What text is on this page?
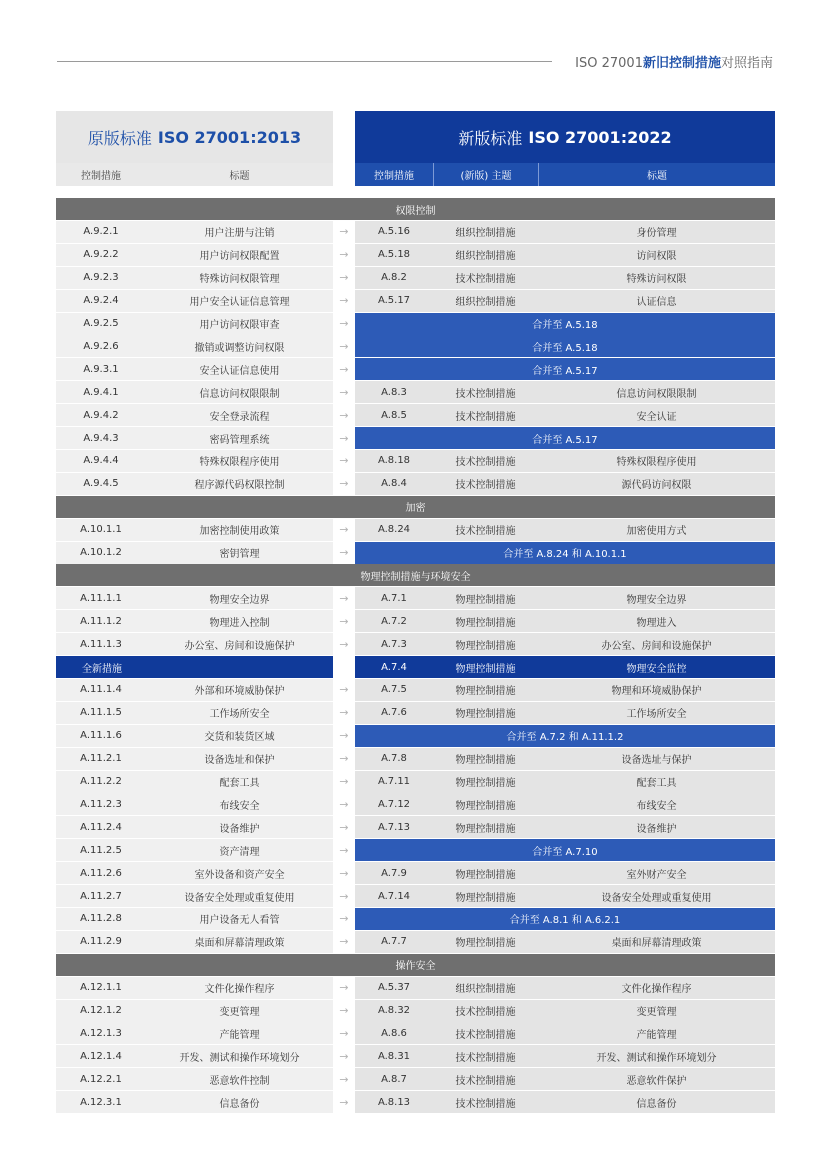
ISO 27001新旧控制措施对照指南
原版标准 ISO 27001:2013	新版标准 ISO 27001:2022
控制措施	标题	控制措施	(新版) 主题	标题
权限控制
A.9.2.1	用户注册与注销	→	A.5.16	组织控制措施	身份管理
A.9.2.2	用户访问权限配置	→	A.5.18	组织控制措施	访问权限
A.9.2.3	特殊访问权限管理	→	A.8.2	技术控制措施	特殊访问权限
A.9.2.4	用户安全认证信息管理	→	A.5.17	组织控制措施	认证信息
A.9.2.5	用户访问权限审查	→	合并至 A.5.18
A.9.2.6	撤销或调整访问权限	→	合并至 A.5.18
A.9.3.1	安全认证信息使用	→	合并至 A.5.17
A.9.4.1	信息访问权限限制	→	A.8.3	技术控制措施	信息访问权限限制
A.9.4.2	安全登录流程	→	A.8.5	技术控制措施	安全认证
A.9.4.3	密码管理系统	→	合并至 A.5.17
A.9.4.4	特殊权限程序使用	→	A.8.18	技术控制措施	特殊权限程序使用
A.9.4.5	程序源代码权限控制	→	A.8.4	技术控制措施	源代码访问权限
加密
A.10.1.1	加密控制使用政策	→	A.8.24	技术控制措施	加密使用方式
A.10.1.2	密钥管理	→	合并至 A.8.24 和 A.10.1.1
物理控制措施与环境安全
A.11.1.1	物理安全边界	→	A.7.1	物理控制措施	物理安全边界
A.11.1.2	物理进入控制	→	A.7.2	物理控制措施	物理进入
A.11.1.3	办公室、房间和设施保护	→	A.7.3	物理控制措施	办公室、房间和设施保护
全新措施	A.7.4	物理控制措施	物理安全监控
A.11.1.4	外部和环境威胁保护	→	A.7.5	物理控制措施	物理和环境威胁保护
A.11.1.5	工作场所安全	→	A.7.6	物理控制措施	工作场所安全
A.11.1.6	交货和装货区域	→	合并至 A.7.2 和 A.11.1.2
A.11.2.1	设备选址和保护	→	A.7.8	物理控制措施	设备选址与保护
A.11.2.2	配套工具	→	A.7.11	物理控制措施	配套工具
A.11.2.3	布线安全	→	A.7.12	物理控制措施	布线安全
A.11.2.4	设备维护	→	A.7.13	物理控制措施	设备维护
A.11.2.5	资产清理	→	合并至 A.7.10
A.11.2.6	室外设备和资产安全	→	A.7.9	物理控制措施	室外财产安全
A.11.2.7	设备安全处理或重复使用	→	A.7.14	物理控制措施	设备安全处理或重复使用
A.11.2.8	用户设备无人看管	→	合并至 A.8.1 和 A.6.2.1
A.11.2.9	桌面和屏幕清理政策	→	A.7.7	物理控制措施	桌面和屏幕清理政策
操作安全
A.12.1.1	文件化操作程序	→	A.5.37	组织控制措施	文件化操作程序
A.12.1.2	变更管理	→	A.8.32	技术控制措施	变更管理
A.12.1.3	产能管理	→	A.8.6	技术控制措施	产能管理
A.12.1.4	开发、测试和操作环境划分	→	A.8.31	技术控制措施	开发、测试和操作环境划分
A.12.2.1	恶意软件控制	→	A.8.7	技术控制措施	恶意软件保护
A.12.3.1	信息备份	→	A.8.13	技术控制措施	信息备份
